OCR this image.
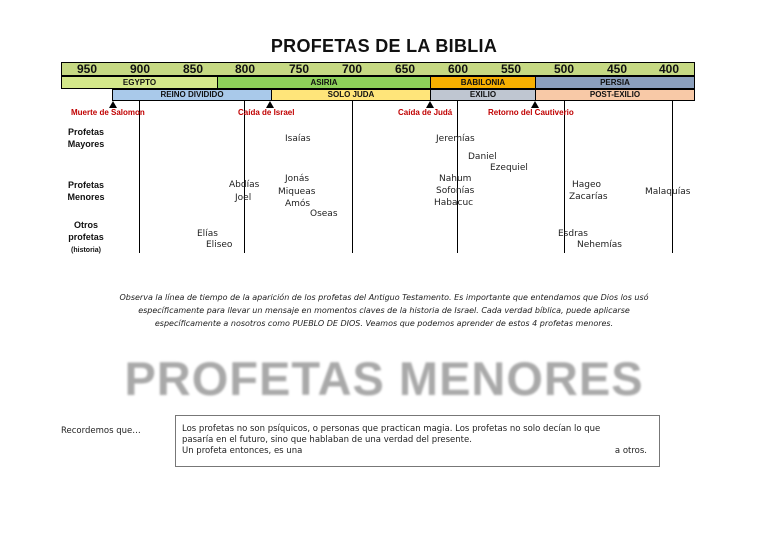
PROFETAS DE LA BIBLIA
950	900	850	800	750	700	650	600	550	500	450	400
EGYPTO	ASIRIA	BABILONIA	PERSIA
REINO DIVIDIDO	SOLO JUDA	EXILIO	POST-EXILIO
Muerte de Salomon	Caída de Israel	Caída de Judá	Retorno del Cautiverio
Profetas
Mayores
Profetas
Menores
Otros
profetas
(historia)
Isaías	Jeremías
Daniel
Ezequiel
Abdías
Joel
Jonás
Miqueas
Amós
Oseas
Nahum
Sofonías
Habacuc
Hageo
Zacarías	Malaquías
Elías
Eliseo
Esdras
Nehemías
Observa la línea de tiempo de la aparición de los profetas del Antiguo Testamento. Es importante que entendamos que Dios los usó
específicamente para llevar un mensaje en momentos claves de la historia de Israel. Cada verdad bíblica, puede aplicarse
específicamente a nosotros como PUEBLO DE DIOS. Veamos que podemos aprender de estos 4 profetas menores.
PROFETAS MENORES
Recordemos que…	Los profetas no son psíquicos, o personas que practican magia. Los profetas no solo decían lo que
pasaría en el futuro, sino que hablaban de una verdad del presente.
Un profeta entonces, es una	a otros.
